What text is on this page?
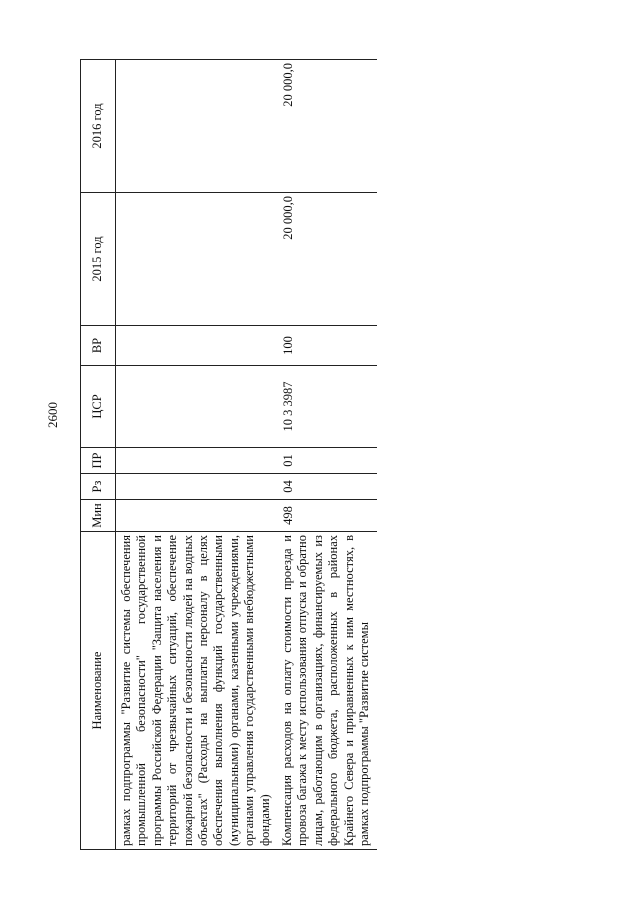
2600
Наименование	Мин	Рз	ПР	ЦСР	ВР	2015 год	2016 год
рамках подпрограммы "Развитие системы обеспечения промышленной безопасности" государственной программы Российской Федерации "Защита населения и территорий от чрезвычайных ситуаций, обеспечение пожарной безопасности и безопасности людей на водных объектах" (Расходы на выплаты персоналу в целях обеспечения выполнения функций государственными (муниципальными) органами, казенными учреждениями, органами управления государственными внебюджетными фондами)							
Компенсация расходов на оплату стоимости проезда и провоза багажа к месту использования отпуска и обратно лицам, работающим в организациях, финансируемых из федерального бюджета, расположенных в районах Крайнего Севера и приравненных к ним местностях, в рамках подпрограммы "Развитие системы	498	04	01	10 3 3987	100	20 000,0	20 000,0
